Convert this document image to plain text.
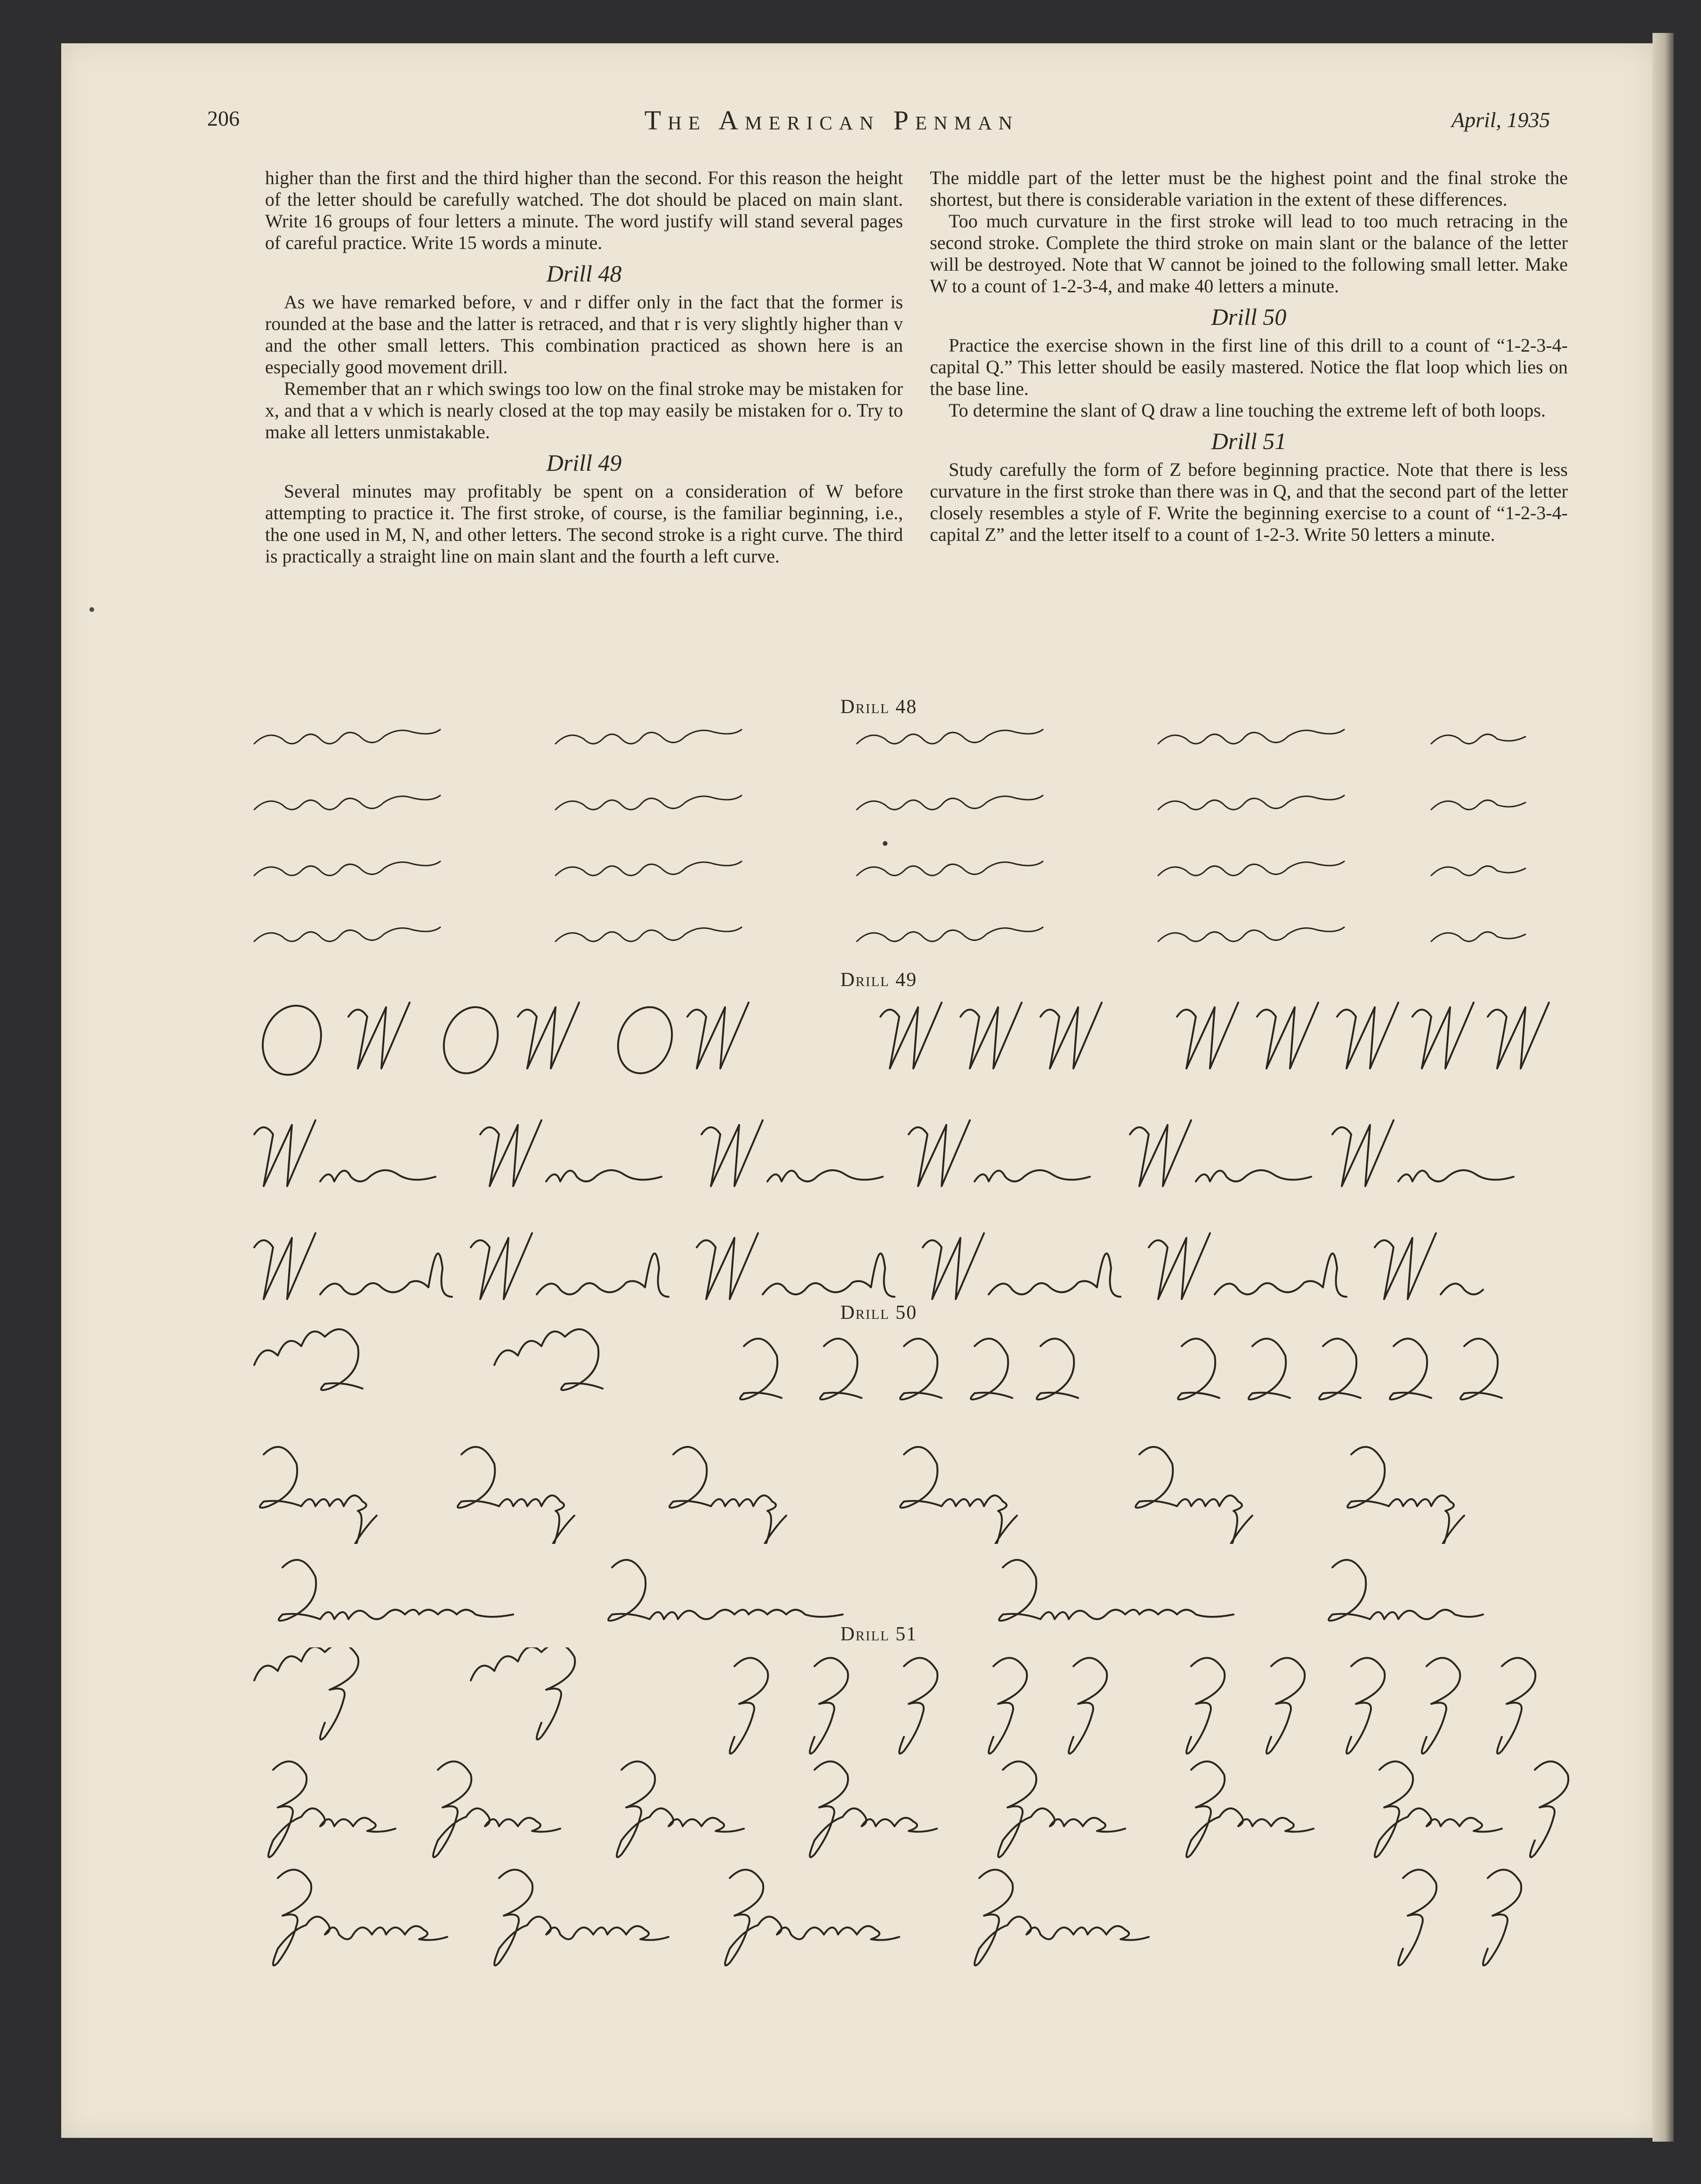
206	The American Penman	April, 1935

higher than the first and the third higher than the second. For this reason the height of the letter should be carefully watched. The dot should be placed on main slant. Write 16 groups of four letters a minute. The word justify will stand several pages of careful practice. Write 15 words a minute.

Drill 48

As we have remarked before, v and r differ only in the fact that the former is rounded at the base and the latter is retraced, and that r is very slightly higher than v and the other small letters. This combination practiced as shown here is an especially good movement drill.

Remember that an r which swings too low on the final stroke may be mistaken for x, and that a v which is nearly closed at the top may easily be mistaken for o. Try to make all letters unmistakable.

Drill 49

Several minutes may profitably be spent on a consideration of W before attempting to practice it. The first stroke, of course, is the familiar beginning, i.e., the one used in M, N, and other letters. The second stroke is a right curve. The third is practically a straight line on main slant and the fourth a left curve.

The middle part of the letter must be the highest point and the final stroke the shortest, but there is considerable variation in the extent of these differences.

Too much curvature in the first stroke will lead to too much retracing in the second stroke. Complete the third stroke on main slant or the balance of the letter will be destroyed. Note that W cannot be joined to the following small letter. Make W to a count of 1-2-3-4, and make 40 letters a minute.

Drill 50

Practice the exercise shown in the first line of this drill to a count of “1-2-3-4-capital Q.” This letter should be easily mastered. Notice the flat loop which lies on the base line.

To determine the slant of Q draw a line touching the extreme left of both loops.

Drill 51

Study carefully the form of Z before beginning practice. Note that there is less curvature in the first stroke than there was in Q, and that the second part of the letter closely resembles a style of F. Write the beginning exercise to a count of “1-2-3-4-capital Z” and the letter itself to a count of 1-2-3. Write 50 letters a minute.

Drill 48
Drill 49
Drill 50
Drill 51
